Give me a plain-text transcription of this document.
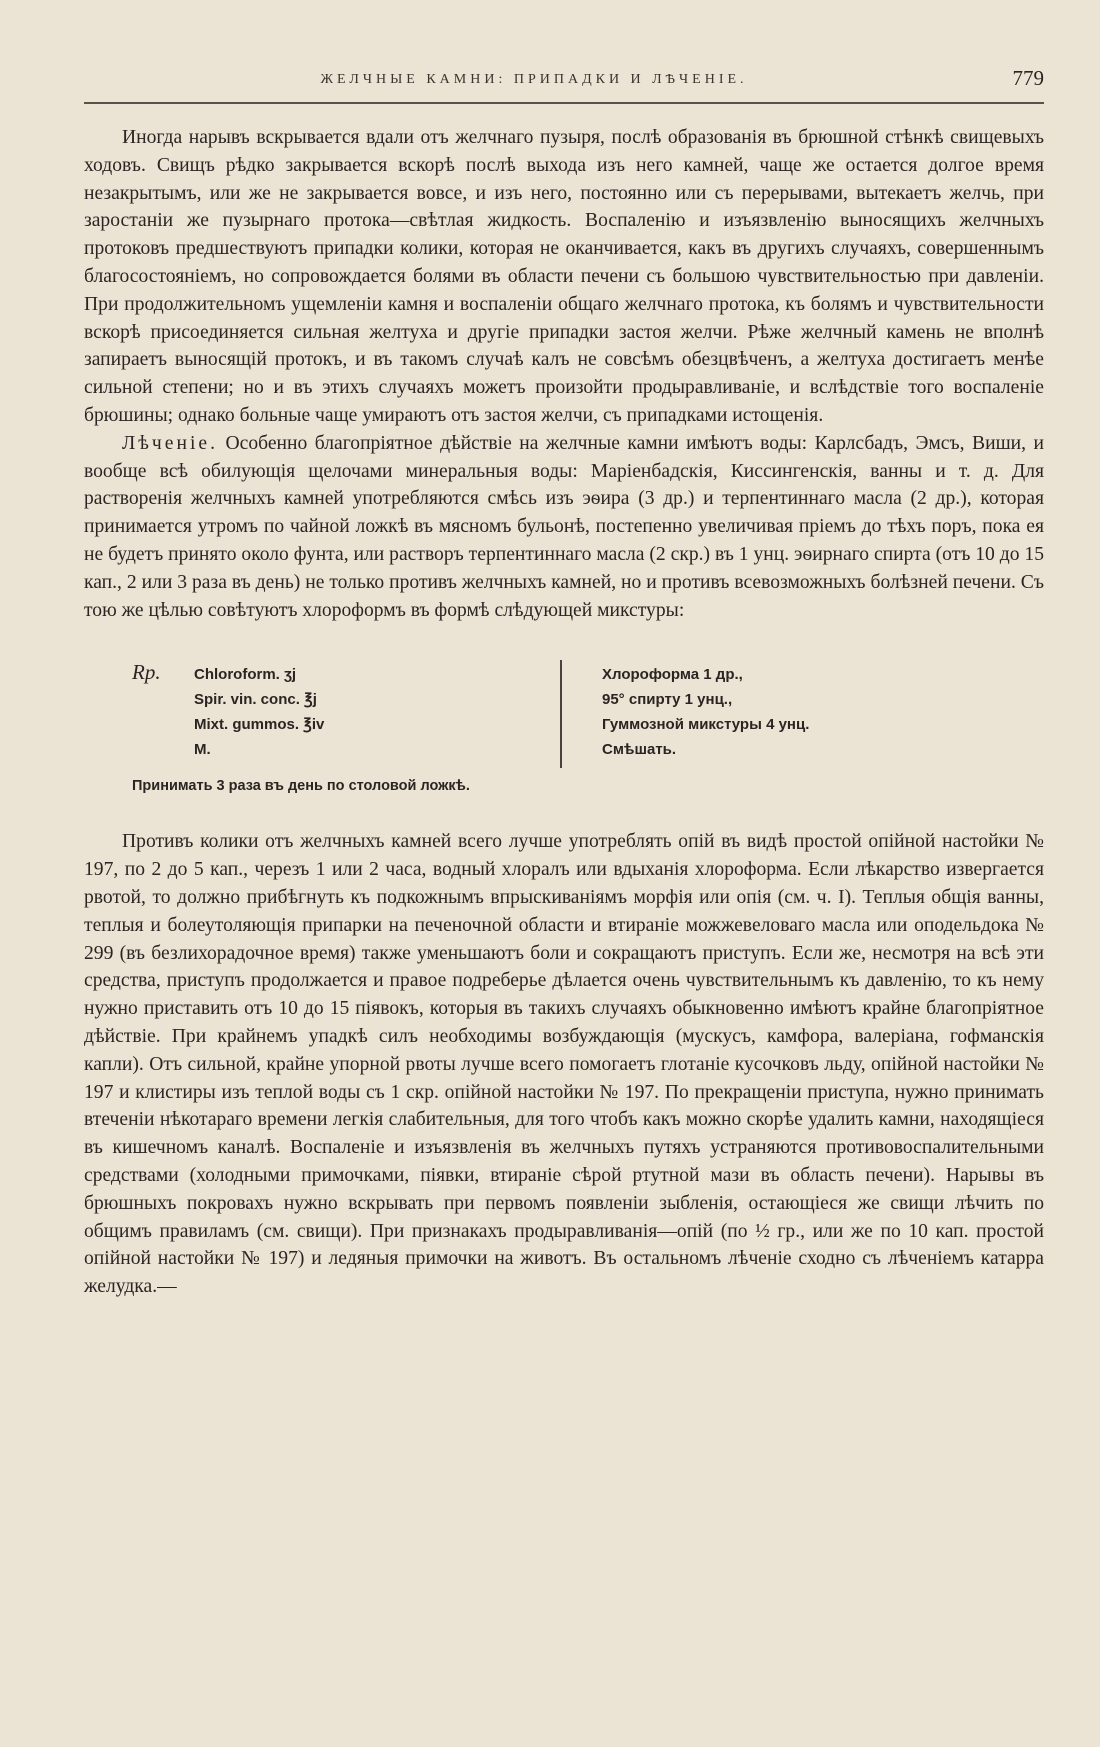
ЖЕЛЧНЫЕ КАМНИ: ПРИПАДКИ И ЛѢЧЕНІЕ.	779

Иногда нарывъ вскрывается вдали отъ желчнаго пузыря, послѣ образованія въ брюшной стѣнкѣ свищевыхъ ходовъ. Свищъ рѣдко закрывается вскорѣ послѣ выхода изъ него камней, чаще же остается долгое время незакрытымъ, или же не закрывается вовсе, и изъ него, постоянно или съ перерывами, вытекаетъ желчь, при заростаніи же пузырнаго протока—свѣтлая жидкость. Воспаленію и изъязвленію выносящихъ желчныхъ протоковъ предшествуютъ припадки колики, которая не оканчивается, какъ въ другихъ случаяхъ, совершеннымъ благосостояніемъ, но сопровождается болями въ области печени съ большою чувствительностью при давленіи. При продолжительномъ ущемленіи камня и воспаленіи общаго желчнаго протока, къ болямъ и чувствительности вскорѣ присоединяется сильная желтуха и другіе припадки застоя желчи. Рѣже желчный камень не вполнѣ запираетъ выносящій протокъ, и въ такомъ случаѣ калъ не совсѣмъ обезцвѣченъ, а желтуха достигаетъ менѣе сильной степени; но и въ этихъ случаяхъ можетъ произойти продыравливаніе, и вслѣдствіе того воспаленіе брюшины; однако больные чаще умираютъ отъ застоя желчи, съ припадками истощенія.

Лѣченіе. Особенно благопріятное дѣйствіе на желчные камни имѣютъ воды: Карлсбадъ, Эмсъ, Виши, и вообще всѣ обилующія щелочами минеральныя воды: Маріенбадскія, Киссингенскія, ванны и т. д. Для растворенія желчныхъ камней употребляются смѣсь изъ эѳира (3 др.) и терпентиннаго масла (2 др.), которая принимается утромъ по чайной ложкѣ въ мясномъ бульонѣ, постепенно увеличивая пріемъ до тѣхъ поръ, пока ея не будетъ принято около фунта, или растворъ терпентиннаго масла (2 скр.) въ 1 унц. эѳирнаго спирта (отъ 10 до 15 кап., 2 или 3 раза въ день) не только противъ желчныхъ камней, но и противъ всевозможныхъ болѣзней печени. Съ тою же цѣлью совѣтуютъ хлороформъ въ формѣ слѣдующей микстуры:

Rp. Chloroform. ʒj
Spir. vin. conc. ℥j
Mixt. gummos. ℥iv
M.
Хлороформа 1 др.,
95° спирту 1 унц.,
Гуммозной микстуры 4 унц.
Смѣшать.
Принимать 3 раза въ день по столовой ложкѣ.

Противъ колики отъ желчныхъ камней всего лучше употреблять опій въ видѣ простой опійной настойки № 197, по 2 до 5 кап., черезъ 1 или 2 часа, водный хлоралъ или вдыханія хлороформа. Если лѣкарство извергается рвотой, то должно прибѣгнуть къ подкожнымъ впрыскиваніямъ морфія или опія (см. ч. I). Теплыя общія ванны, теплыя и болеутоляющія припарки на печеночной области и втираніе можжевеловаго масла или оподельдока № 299 (въ безлихорадочное время) также уменьшаютъ боли и сокращаютъ приступъ. Если же, несмотря на всѣ эти средства, приступъ продолжается и правое подреберье дѣлается очень чувствительнымъ къ давленію, то къ нему нужно приставить отъ 10 до 15 піявокъ, которыя въ такихъ случаяхъ обыкновенно имѣютъ крайне благопріятное дѣйствіе. При крайнемъ упадкѣ силъ необходимы возбуждающія (мускусъ, камфора, валеріана, гофманскія капли). Отъ сильной, крайне упорной рвоты лучше всего помогаетъ глотаніе кусочковъ льду, опійной настойки № 197 и клистиры изъ теплой воды съ 1 скр. опійной настойки № 197. По прекращеніи приступа, нужно принимать втеченіи нѣкотараго времени легкія слабительныя, для того чтобъ какъ можно скорѣе удалить камни, находящіеся въ кишечномъ каналѣ. Воспаленіе и изъязвленія въ желчныхъ путяхъ устраняются противовоспалительными средствами (холодными примочками, піявки, втираніе сѣрой ртутной мази въ область печени). Нарывы въ брюшныхъ покровахъ нужно вскрывать при первомъ появленіи зыбленія, остающіеся же свищи лѣчить по общимъ правиламъ (см. свищи). При признакахъ продыравливанія—опій (по ½ гр., или же по 10 кап. простой опійной настойки № 197) и ледяныя примочки на животъ. Въ остальномъ лѣченіе сходно съ лѣченіемъ катарра желудка.—
